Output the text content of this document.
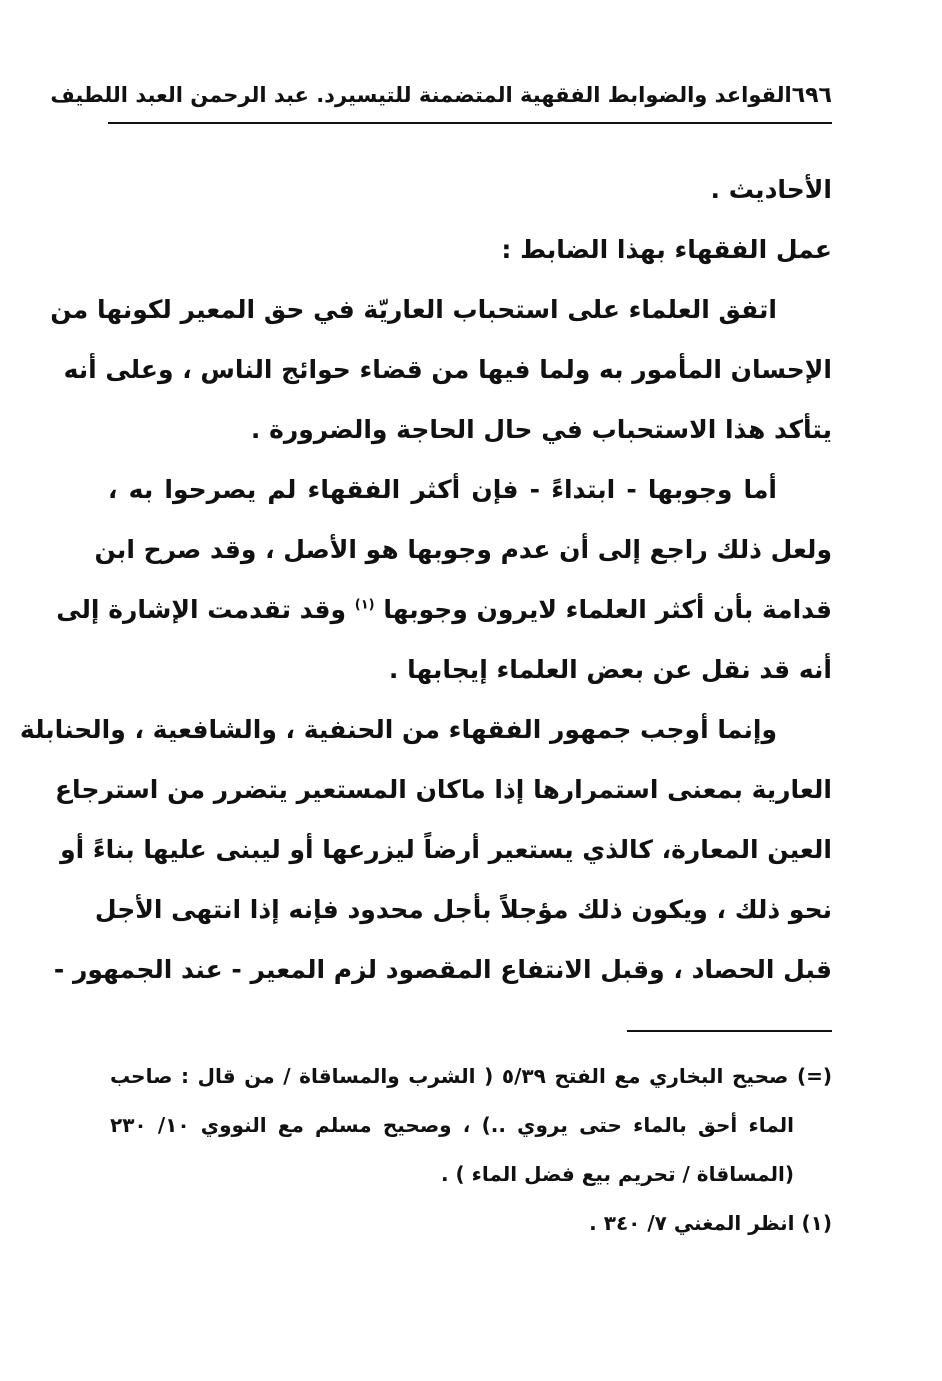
٦٩٦
القواعد والضوابط الفقهية المتضمنة للتيسير
د. عبد الرحمن العبد اللطيف
الأحاديث .
عمل الفقهاء بهذا الضابط :
اتفق العلماء على استحباب العاريّة في حق المعير لكونها من
الإحسان المأمور به ولما فيها من قضاء حوائج الناس ، وعلى أنه
يتأكد هذا الاستحباب في حال الحاجة والضرورة .
أما وجوبها - ابتداءً - فإن أكثر الفقهاء لم يصرحوا به ،
ولعل ذلك راجع إلى أن عدم وجوبها هو الأصل ، وقد صرح ابن
قدامة بأن أكثر العلماء لايرون وجوبها $^{(١)}$ وقد تقدمت الإشارة إلى
أنه قد نقل عن بعض العلماء إيجابها .
وإنما أوجب جمهور الفقهاء من الحنفية ، والشافعية ، والحنابلة
العارية بمعنى استمرارها إذا ماكان المستعير يتضرر من استرجاع
العين المعارة، كالذي يستعير أرضاً ليزرعها أو ليبنى عليها بناءً أو
نحو ذلك ، ويكون ذلك مؤجلاً بأجل محدود فإنه إذا انتهى الأجل
قبل الحصاد ، وقبل الانتفاع المقصود لزم المعير - عند الجمهور -
(=) صحيح البخاري مع الفتح ٥/٣٩ ( الشرب والمساقاة / من قال : صاحب
الماء أحق بالماء حتى يروي ..) ، وصحيح مسلم مع النووي ١٠/ ٢٣٠
(المساقاة / تحريم بيع فضل الماء ) .
(١) انظر المغني ٧/ ٣٤٠ .
